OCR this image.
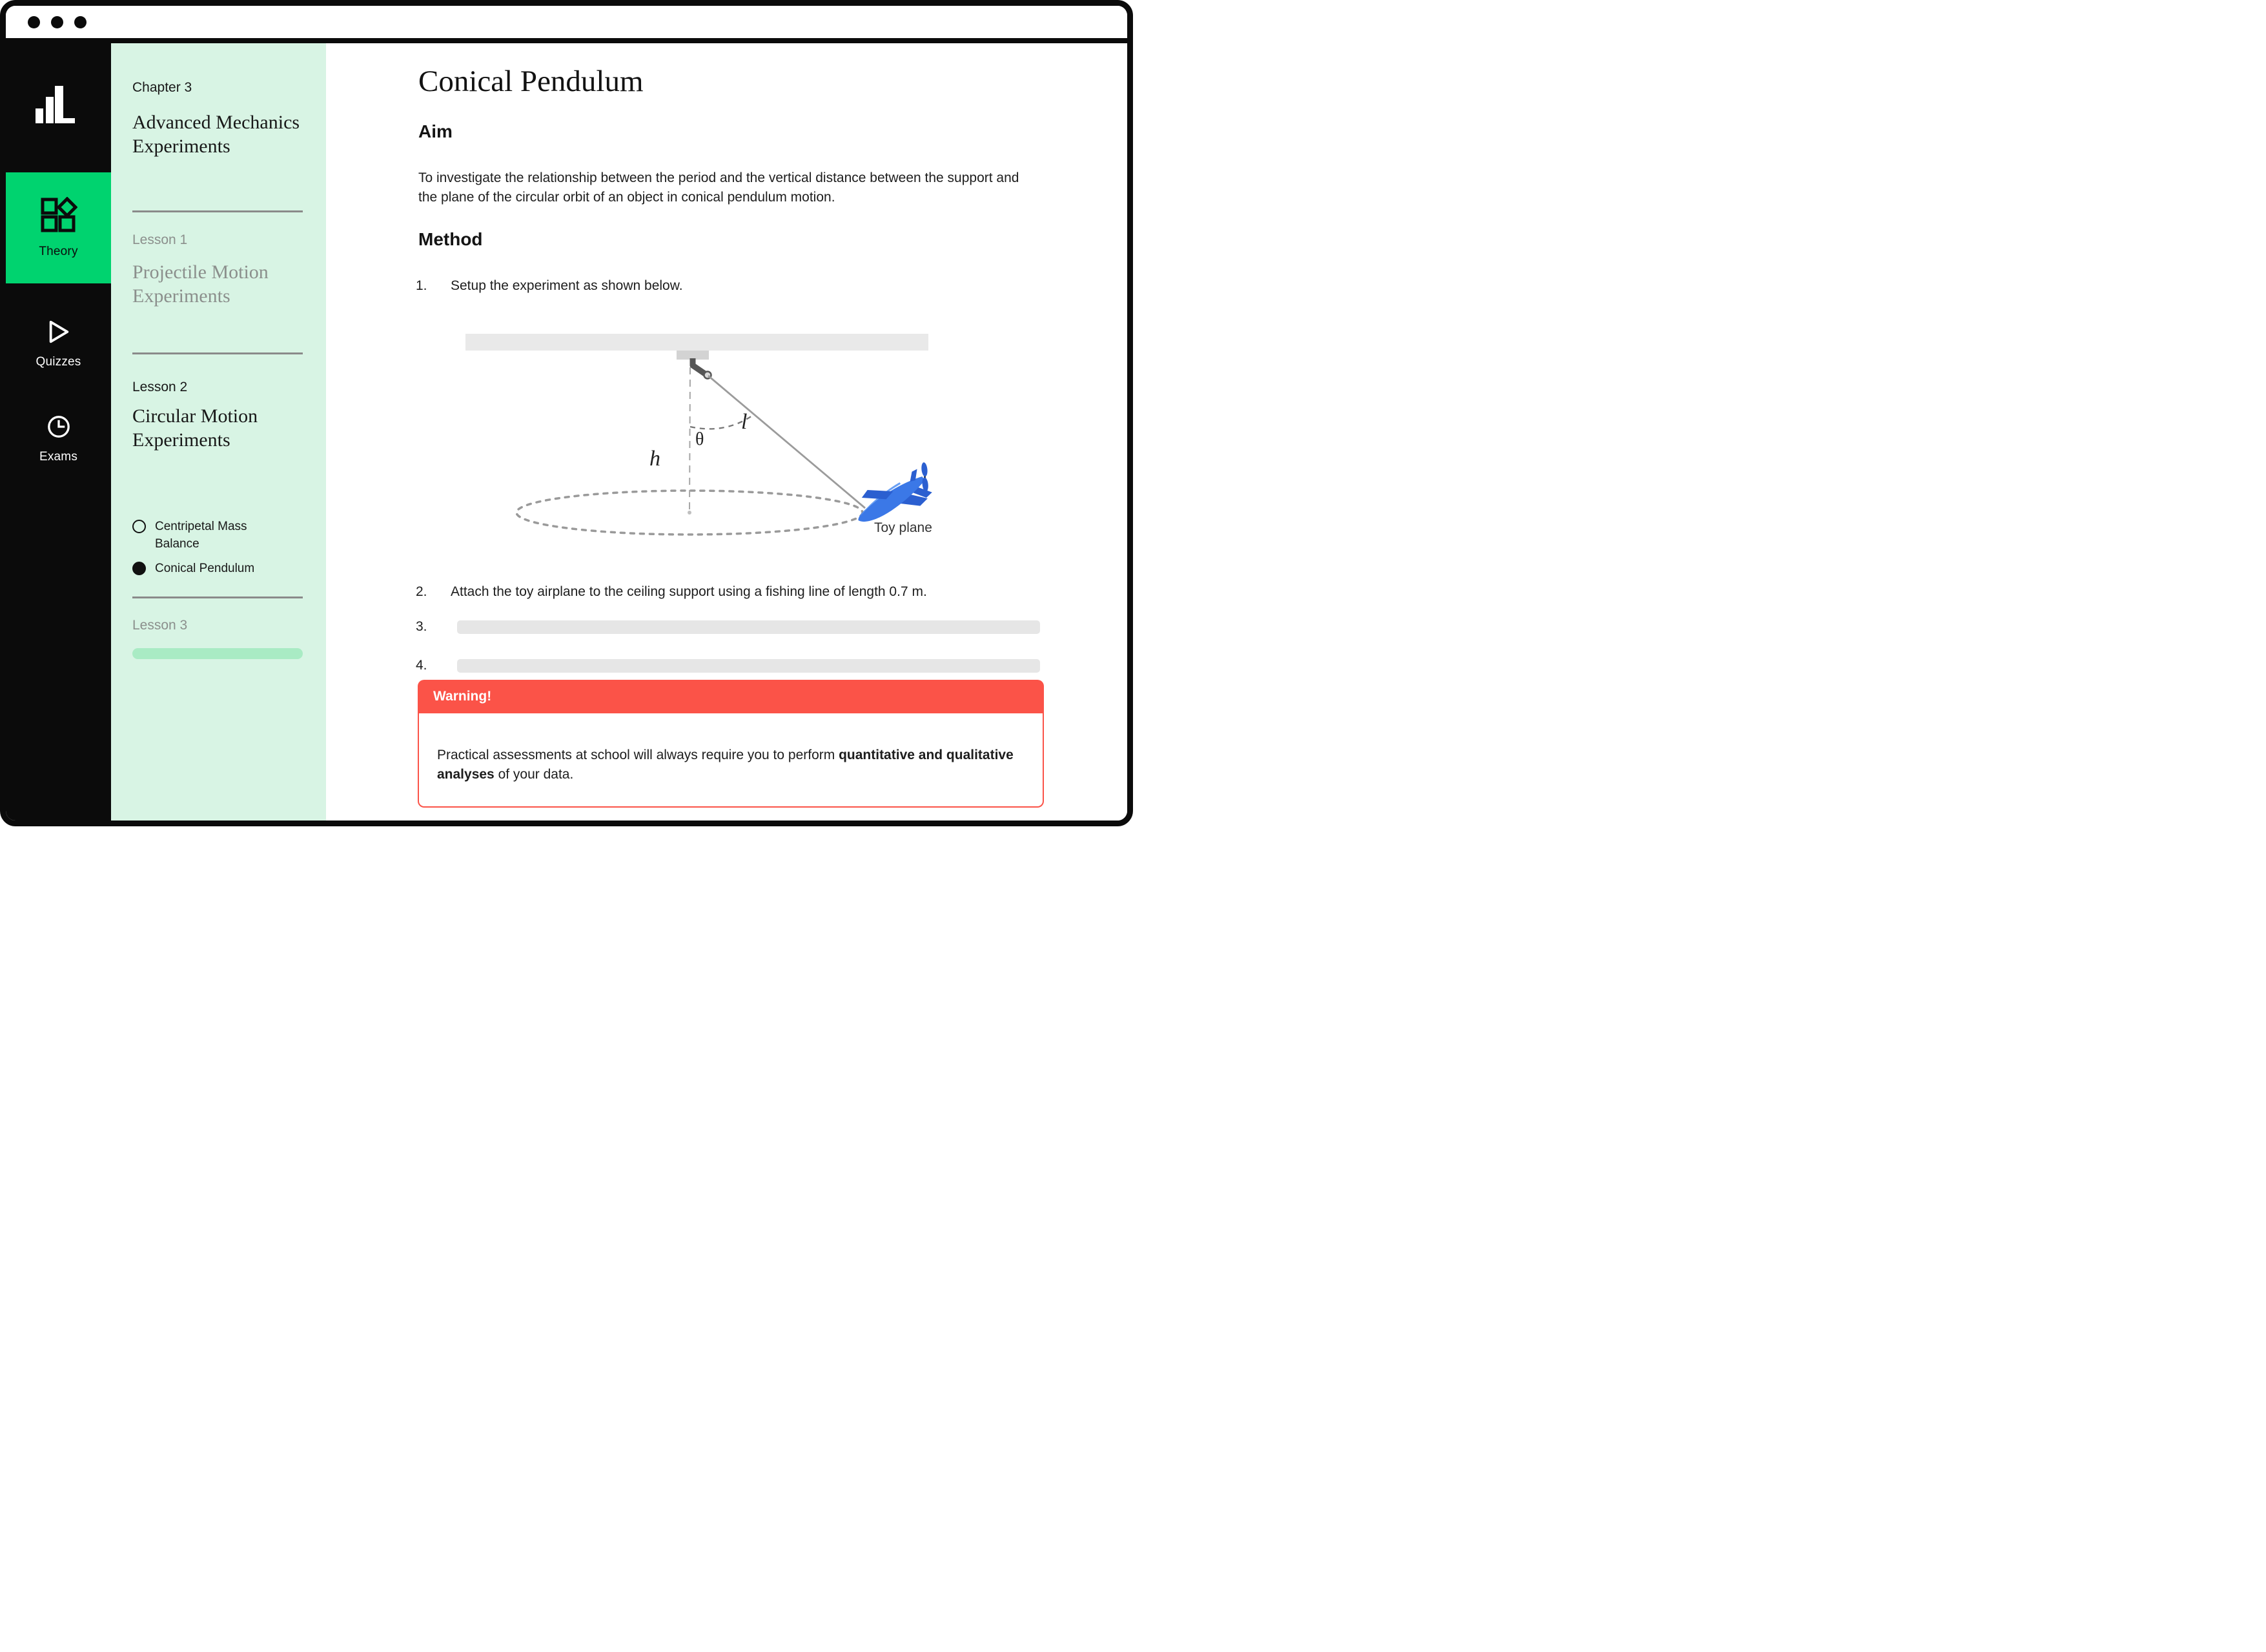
Theory
Quizzes
Exams
Chapter 3
Advanced Mechanics Experiments
Lesson 1
Projectile Motion Experiments
Lesson 2
Circular Motion Experiments
Centripetal Mass Balance
Conical Pendulum
Lesson 3
Conical Pendulum
Aim
To investigate the relationship between the period and the vertical distance between the support and the plane of the circular orbit of an object in conical pendulum motion.
Method
1.	Setup the experiment as shown below.
θ
l
h
Toy plane
2.	Attach the toy airplane to the ceiling support using a fishing line of length 0.7 m.
3.
4.
Warning!
Practical assessments at school will always require you to perform quantitative and qualitative analyses of your data.
